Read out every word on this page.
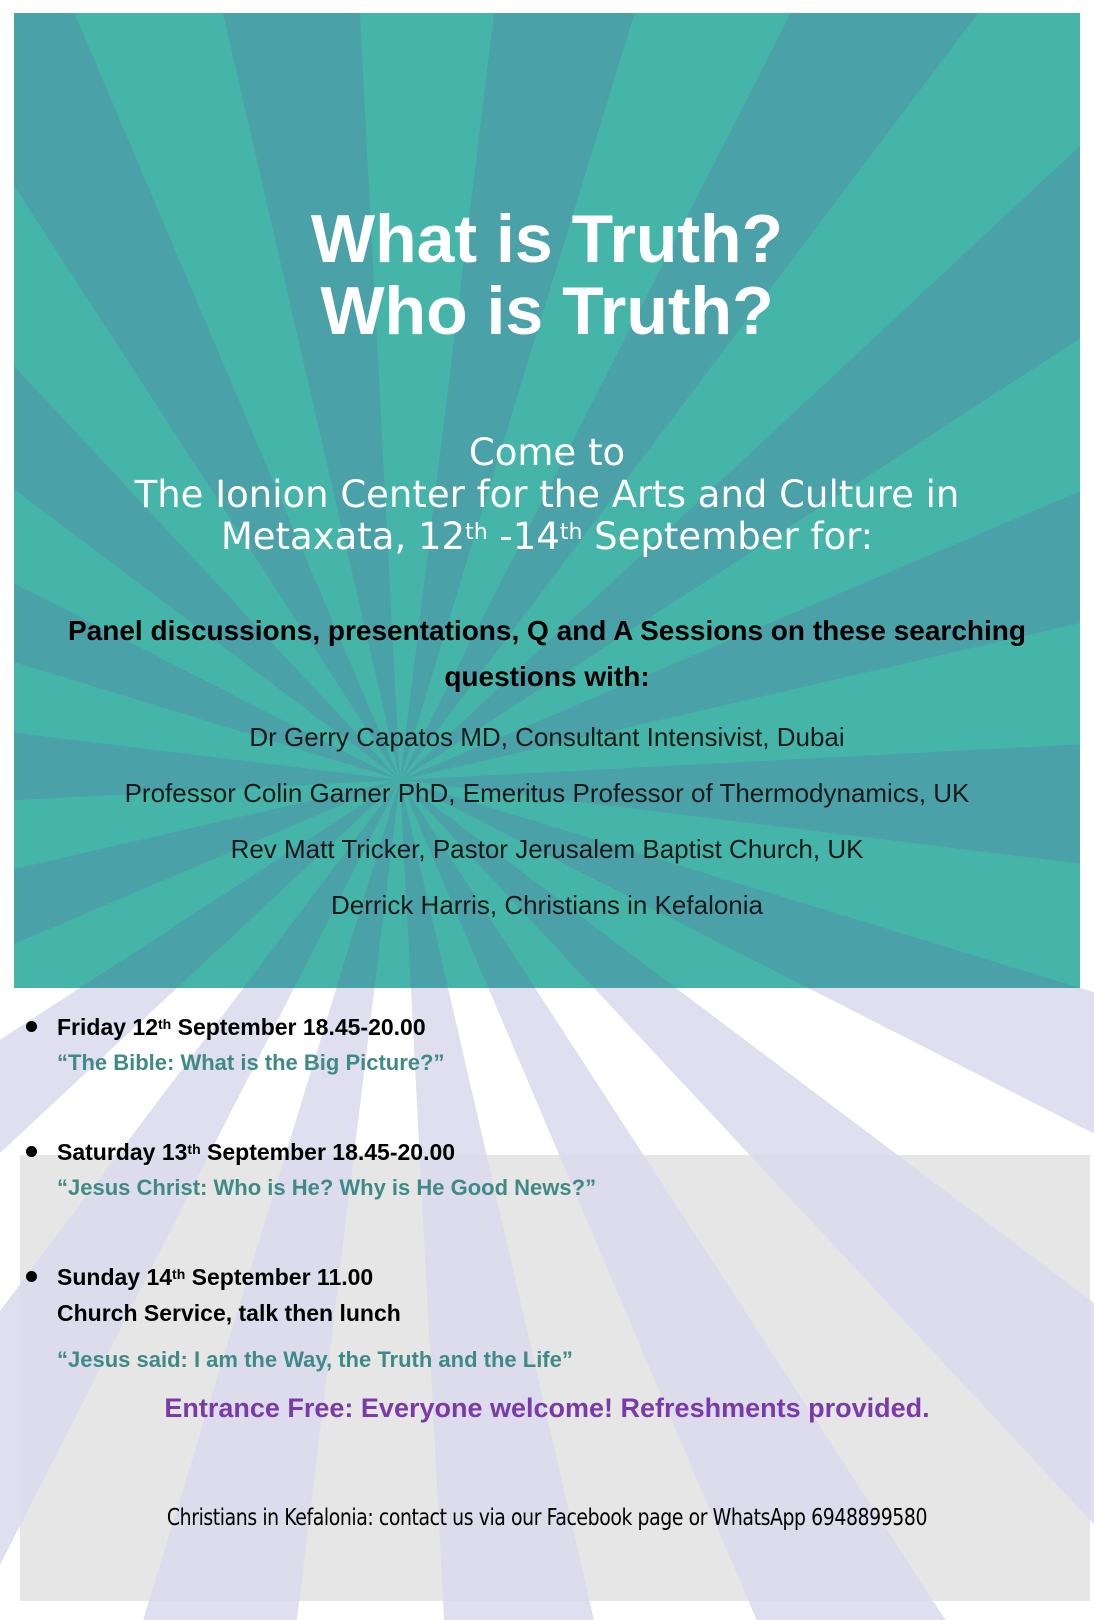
What is Truth?
Who is Truth?
Come to
The Ionion Center for the Arts and Culture in
Metaxata, 12th -14th September for:
Panel discussions, presentations, Q and A Sessions on these searching
questions with:
Dr Gerry Capatos MD, Consultant Intensivist, Dubai
Professor Colin Garner PhD, Emeritus Professor of Thermodynamics, UK
Rev Matt Tricker, Pastor Jerusalem Baptist Church, UK
Derrick Harris, Christians in Kefalonia
Friday 12th September 18.45-20.00
“The Bible: What is the Big Picture?”
Saturday 13th September 18.45-20.00
“Jesus Christ: Who is He? Why is He Good News?”
Sunday 14th September 11.00
Church Service, talk then lunch
“Jesus said: I am the Way, the Truth and the Life”
Entrance Free: Everyone welcome! Refreshments provided.
Christians in Kefalonia: contact us via our Facebook page or WhatsApp 6948899580
